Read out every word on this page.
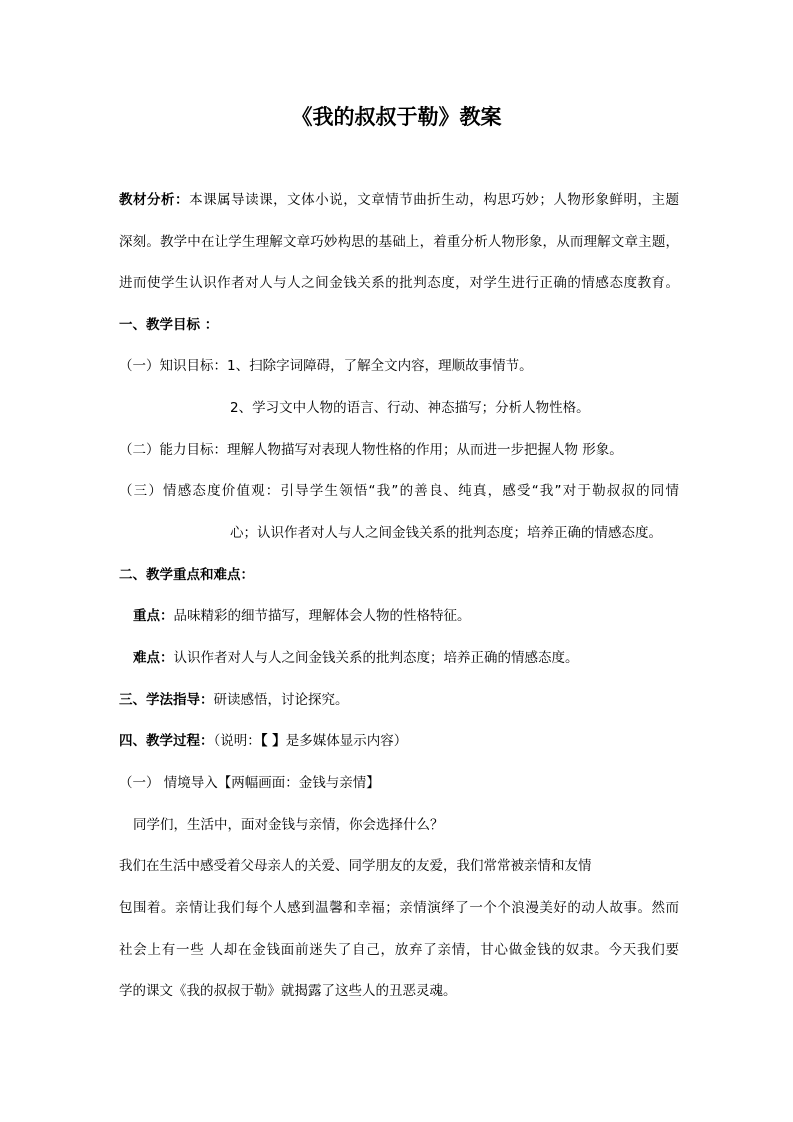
《我的叔叔于勒》教案
教材分析：本课属导读课，文体小说，文章情节曲折生动，构思巧妙；人物形象鲜明，主题
深刻。教学中在让学生理解文章巧妙构思的基础上，着重分析人物形象，从而理解文章主题，
进而使学生认识作者对人与人之间金钱关系的批判态度，对学生进行正确的情感态度教育。
一、教学目标 ：
（一）知识目标：1、扫除字词障碍，了解全文内容，理顺故事情节。
2、学习文中人物的语言、行动、神态描写；分析人物性格。
（二）能力目标：理解人物描写对表现人物性格的作用；从而进一步把握人物 形象。
（三）情感态度价值观：引导学生领悟“我”的善良、纯真，感受“我”对于勒叔叔的同情
心；认识作者对人与人之间金钱关系的批判态度；培养正确的情感态度。
二、教学重点和难点：
重点：品味精彩的细节描写，理解体会人物的性格特征。
难点：认识作者对人与人之间金钱关系的批判态度；培养正确的情感态度。
三、学法指导：研读感悟，讨论探究。
四、教学过程：（说明：【 】是多媒体显示内容）
（一） 情境导入【两幅画面：金钱与亲情】
同学们，生活中，面对金钱与亲情，你会选择什么？
我们在生活中感受着父母亲人的关爱、同学朋友的友爱，我们常常被亲情和友情
包围着。亲情让我们每个人感到温馨和幸福；亲情演绎了一个个浪漫美好的动人故事。然而
社会上有一些 人却在金钱面前迷失了自己，放弃了亲情，甘心做金钱的奴隶。今天我们要
学的课文《我的叔叔于勒》就揭露了这些人的丑恶灵魂。
